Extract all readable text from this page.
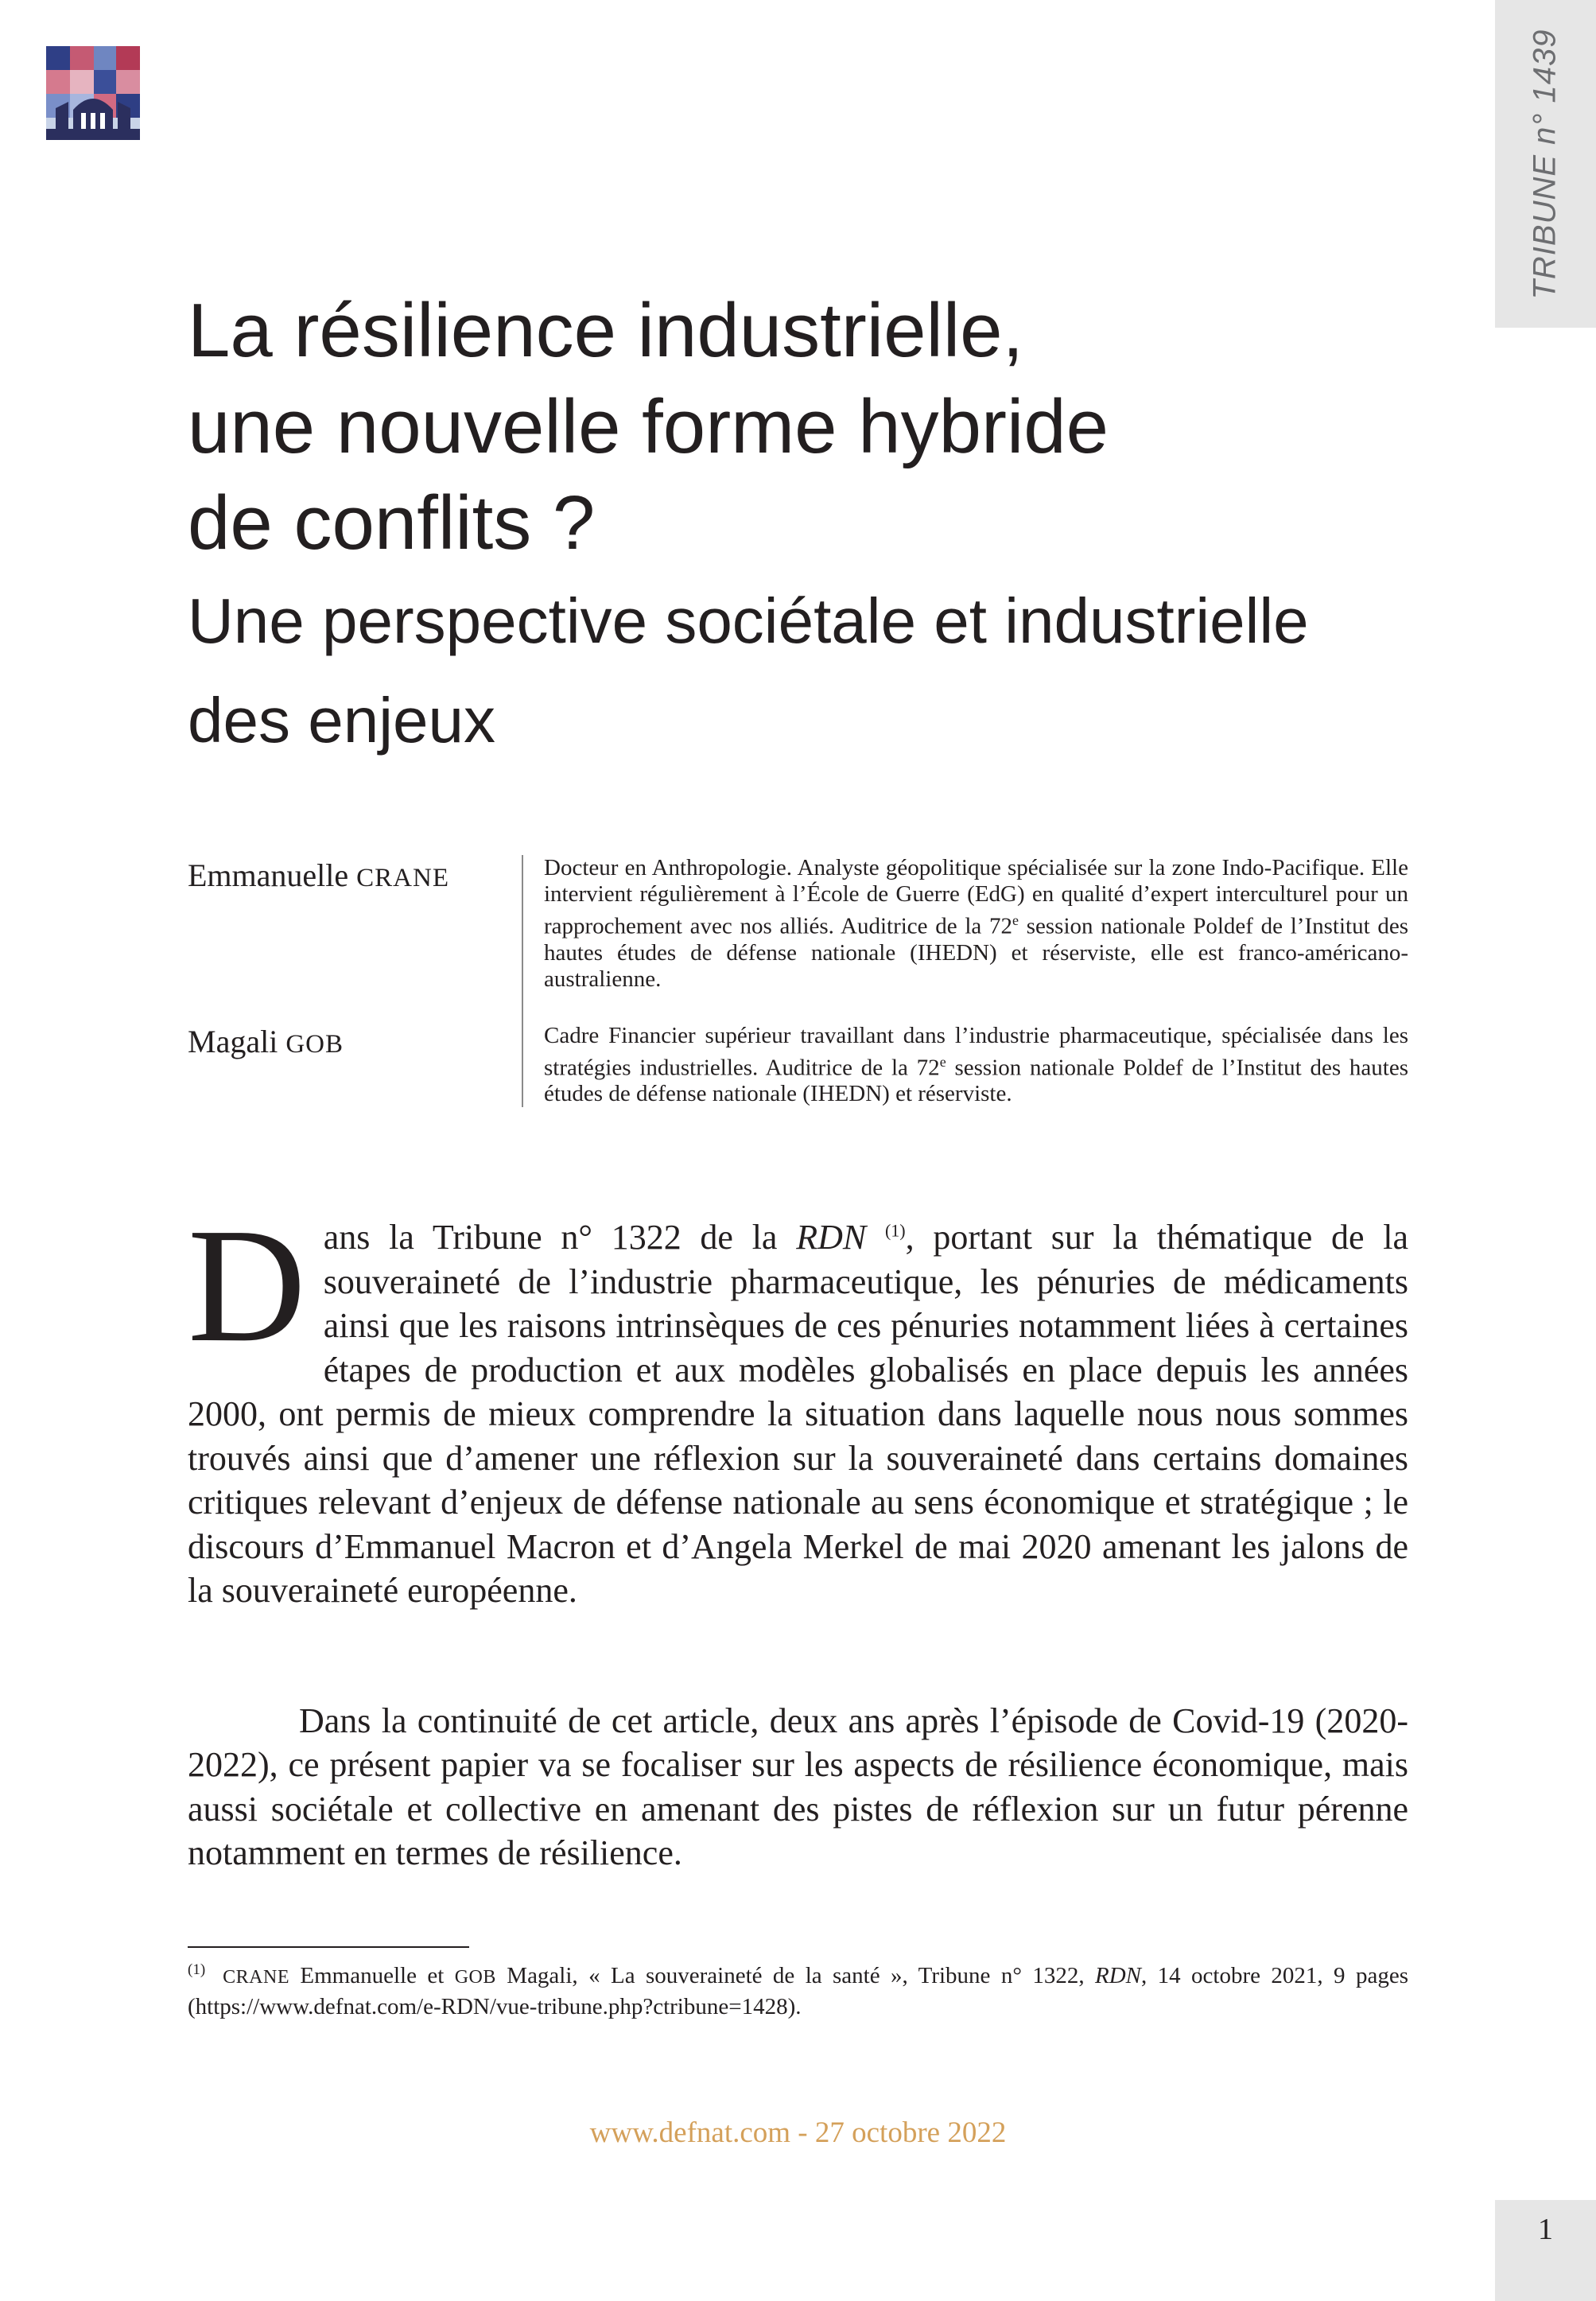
TRIBUNE n° 1439
La résilience industrielle,
une nouvelle forme hybride
de conflits ?
Une perspective sociétale et industrielle des enjeux
Emmanuelle CRANE	Docteur en Anthropologie. Analyste géopolitique spécialisée sur la zone Indo-Pacifique. Elle intervient régulièrement à l’École de Guerre (EdG) en qualité d’expert interculturel pour un rapprochement avec nos alliés. Auditrice de la 72e session nationale Poldef de l’Institut des hautes études de défense nationale (IHEDN) et réserviste, elle est franco-américano-australienne.
Magali GOB	Cadre Financier supérieur travaillant dans l’industrie pharmaceutique, spécialisée dans les stratégies industrielles. Auditrice de la 72e session nationale Poldef de l’Institut des hautes études de défense nationale (IHEDN) et réserviste.

Dans la Tribune n° 1322 de la RDN $^{(1)}$, portant sur la thématique de la souveraineté de l’industrie pharmaceutique, les pénuries de médicaments ainsi que les raisons intrinsèques de ces pénuries notamment liées à certaines étapes de production et aux modèles globalisés en place depuis les années 2000, ont permis de mieux comprendre la situation dans laquelle nous nous sommes trouvés ainsi que d’amener une réflexion sur la souveraineté dans certains domaines critiques relevant d’enjeux de défense nationale au sens économique et stratégique ; le discours d’Emmanuel Macron et d’Angela Merkel de mai 2020 amenant les jalons de la souveraineté européenne.

Dans la continuité de cet article, deux ans après l’épisode de Covid-19 (2020-2022), ce présent papier va se focaliser sur les aspects de résilience économique, mais aussi sociétale et collective en amenant des pistes de réflexion sur un futur pérenne notamment en termes de résilience.

$^{(1)}$ CRANE Emmanuelle et GOB Magali, « La souveraineté de la santé », Tribune n° 1322, RDN, 14 octobre 2021, 9 pages (https://www.defnat.com/e-RDN/vue-tribune.php?ctribune=1428).
www.defnat.com - 27 octobre 2022
1
